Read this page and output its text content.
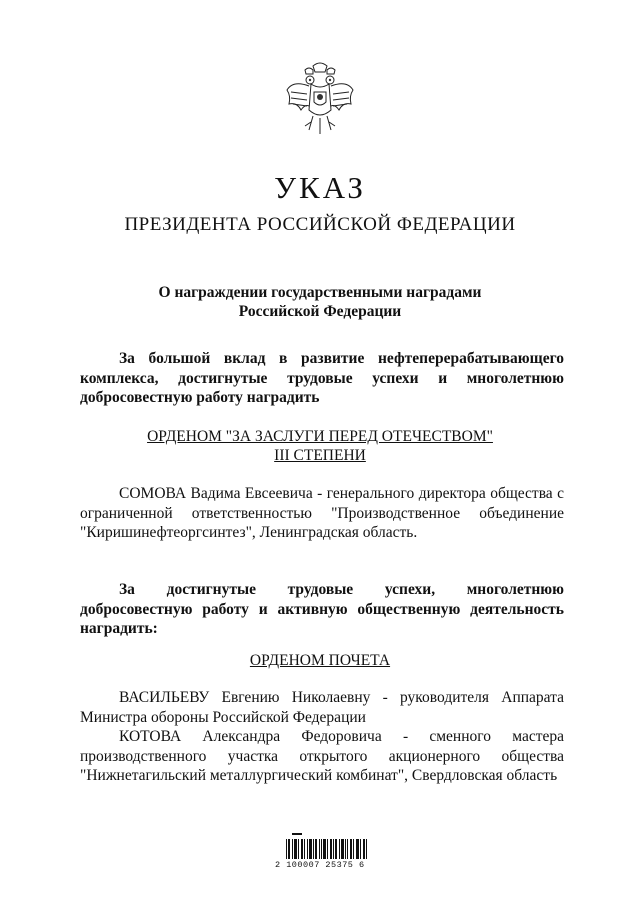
УКАЗ
ПРЕЗИДЕНТА РОССИЙСКОЙ ФЕДЕРАЦИИ
О награждении государственными наградами
Российской Федерации
За большой вклад в развитие нефтеперерабатывающего комплекса, достигнутые трудовые успехи и многолетнюю добросовестную работу наградить
ОРДЕНОМ "ЗА ЗАСЛУГИ ПЕРЕД ОТЕЧЕСТВОМ"
III СТЕПЕНИ
СОМОВА Вадима Евсеевича - генерального директора общества с ограниченной ответственностью "Производственное объединение "Киришинефтеоргсинтез", Ленинградская область.
За достигнутые трудовые успехи, многолетнюю добросовестную работу и активную общественную деятельность наградить:
ОРДЕНОМ ПОЧЕТА
ВАСИЛЬЕВУ Евгению Николаевну - руководителя Аппарата Министра обороны Российской Федерации
КОТОВА Александра Федоровича - сменного мастера производственного участка открытого акционерного общества "Нижнетагильский металлургический комбинат", Свердловская область
2 100007 25375 6
